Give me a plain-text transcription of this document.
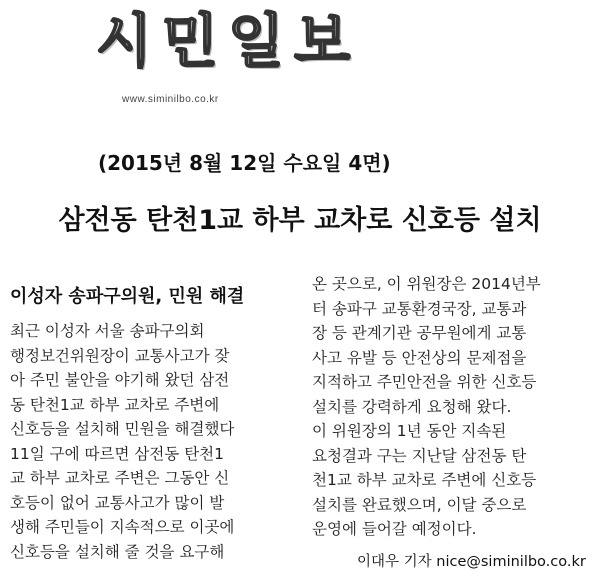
시민일보
www.siminilbo.co.kr
(2015년 8월 12일 수요일 4면)
삼전동 탄천1교 하부 교차로 신호등 설치
이성자 송파구의원, 민원 해결
최근 이성자 서울 송파구의회
행정보건위원장이 교통사고가 잦
아 주민 불안을 야기해 왔던 삼전
동 탄천1교 하부 교차로 주변에
신호등을 설치해 민원을 해결했다
11일 구에 따르면 삼전동 탄천1
교 하부 교차로 주변은 그동안 신
호등이 없어 교통사고가 많이 발
생해 주민들이 지속적으로 이곳에
신호등을 설치해 줄 것을 요구해
온 곳으로, 이 위원장은 2014년부
터 송파구 교통환경국장, 교통과
장 등 관계기관 공무원에게 교통
사고 유발 등 안전상의 문제점을
지적하고 주민안전을 위한 신호등
설치를 강력하게 요청해 왔다.
이 위원장의 1년 동안 지속된
요청결과 구는 지난달 삼전동 탄
천1교 하부 교차로 주변에 신호등
설치를 완료했으며, 이달 중으로
운영에 들어갈 예정이다.
이대우 기자 nice@siminilbo.co.kr
